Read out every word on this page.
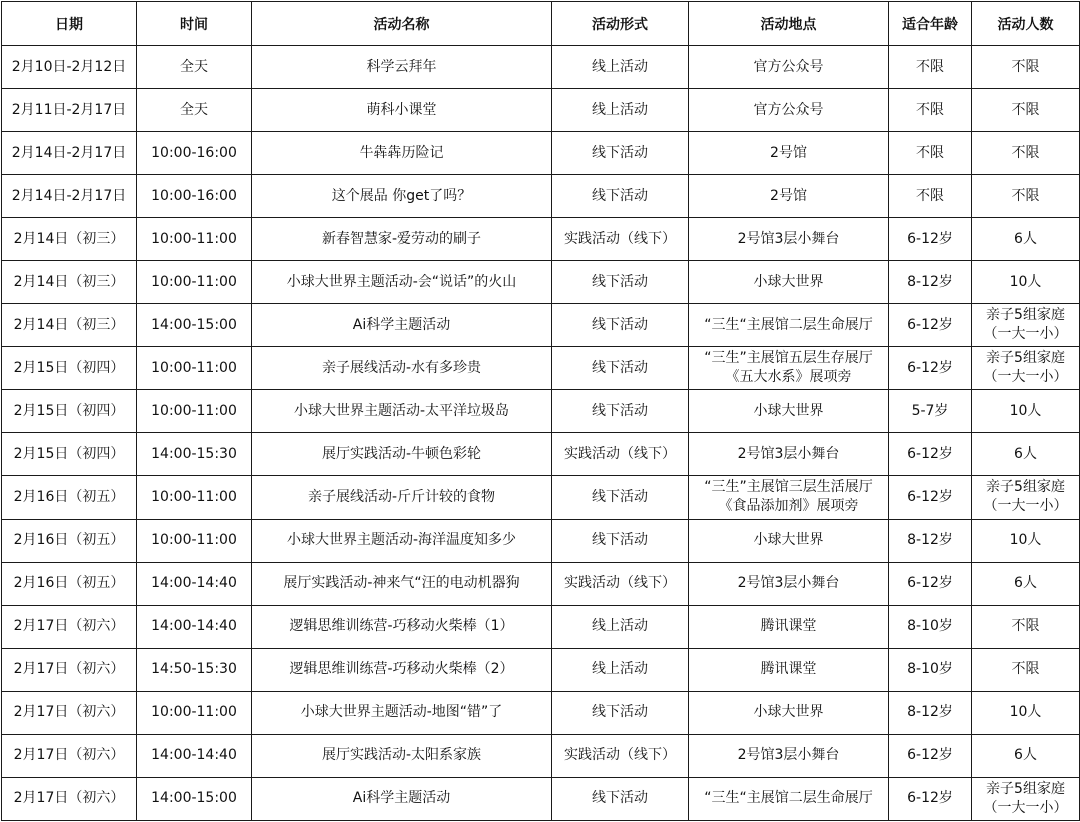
日期	时间	活动名称	活动形式	活动地点	适合年龄	活动人数
2月10日-2月12日	全天	科学云拜年	线上活动	官方公众号	不限	不限
2月11日-2月17日	全天	萌科小课堂	线上活动	官方公众号	不限	不限
2月14日-2月17日	10:00-16:00	牛犇犇历险记	线下活动	2号馆	不限	不限
2月14日-2月17日	10:00-16:00	这个展品 你get了吗？	线下活动	2号馆	不限	不限
2月14日（初三）	10:00-11:00	新春智慧家-爱劳动的刷子	实践活动（线下）	2号馆3层小舞台	6-12岁	6人
2月14日（初三）	10:00-11:00	小球大世界主题活动-会“说话”的火山	线下活动	小球大世界	8-12岁	10人
2月14日（初三）	14:00-15:00	Ai科学主题活动	线下活动	“三生“主展馆二层生命展厅	6-12岁	亲子5组家庭（一大一小）
2月15日（初四）	10:00-11:00	亲子展线活动-水有多珍贵	线下活动	“三生”主展馆五层生存展厅《五大水系》展项旁	6-12岁	亲子5组家庭（一大一小）
2月15日（初四）	10:00-11:00	小球大世界主题活动-太平洋垃圾岛	线下活动	小球大世界	5-7岁	10人
2月15日（初四）	14:00-15:30	展厅实践活动-牛顿色彩轮	实践活动（线下）	2号馆3层小舞台	6-12岁	6人
2月16日（初五）	10:00-11:00	亲子展线活动-斤斤计较的食物	线下活动	“三生”主展馆三层生活展厅《食品添加剂》展项旁	6-12岁	亲子5组家庭（一大一小）
2月16日（初五）	10:00-11:00	小球大世界主题活动-海洋温度知多少	线下活动	小球大世界	8-12岁	10人
2月16日（初五）	14:00-14:40	展厅实践活动-神来气“汪的电动机器狗	实践活动（线下）	2号馆3层小舞台	6-12岁	6人
2月17日（初六）	14:00-14:40	逻辑思维训练营-巧移动火柴棒（1）	线上活动	腾讯课堂	8-10岁	不限
2月17日（初六）	14:50-15:30	逻辑思维训练营-巧移动火柴棒（2）	线上活动	腾讯课堂	8-10岁	不限
2月17日（初六）	10:00-11:00	小球大世界主题活动-地图“错”了	线下活动	小球大世界	8-12岁	10人
2月17日（初六）	14:00-14:40	展厅实践活动-太阳系家族	实践活动（线下）	2号馆3层小舞台	6-12岁	6人
2月17日（初六）	14:00-15:00	Ai科学主题活动	线下活动	“三生“主展馆二层生命展厅	6-12岁	亲子5组家庭（一大一小）
